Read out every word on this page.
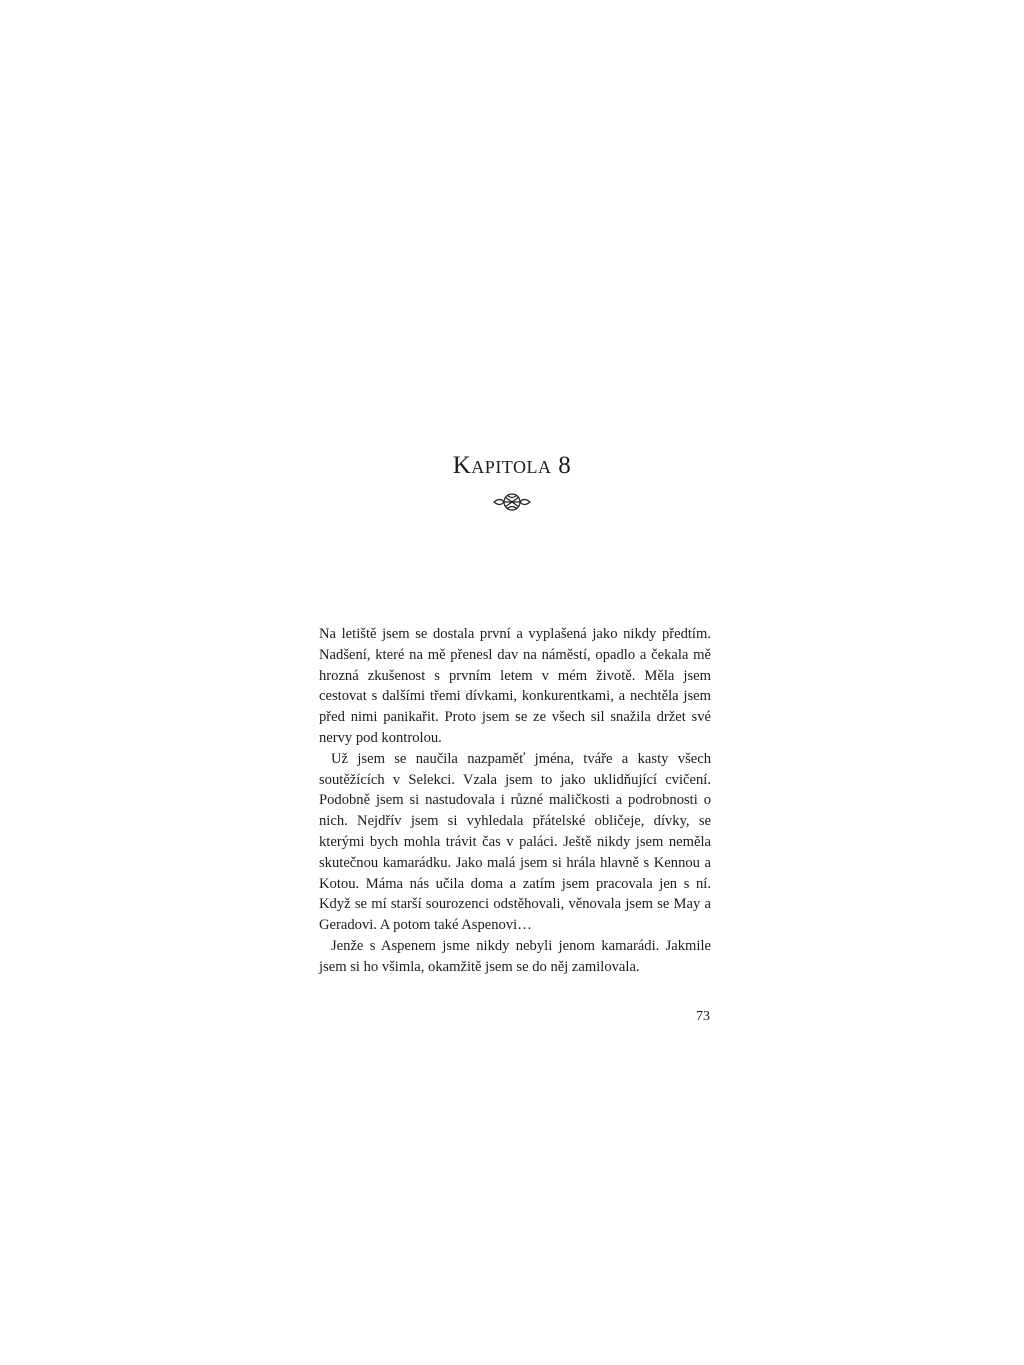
Kapitola 8

Na letiště jsem se dostala první a vyplašená jako nikdy předtím. Nadšení, které na mě přenesl dav na náměstí, opadlo a čekala mě hrozná zkušenost s prvním letem v mém životě. Měla jsem cestovat s dalšími třemi dívkami, konkurentkami, a nechtěla jsem před nimi panikařit. Proto jsem se ze všech sil snažila držet své nervy pod kontrolou.

Už jsem se naučila nazpaměť jména, tváře a kasty všech soutěžících v Selekci. Vzala jsem to jako uklidňující cvičení. Podobně jsem si nastudovala i různé maličkosti a podrobnosti o nich. Nejdřív jsem si vyhledala přátelské obličeje, dívky, se kterými bych mohla trávit čas v paláci. Ještě nikdy jsem neměla skutečnou kamarádku. Jako malá jsem si hrála hlavně s Kennou a Kotou. Máma nás učila doma a zatím jsem pracovala jen s ní. Když se mí starší sourozenci odstěhovali, věnovala jsem se May a Geradovi. A potom také Aspenovi…

Jenže s Aspenem jsme nikdy nebyli jenom kamarádi. Jakmile jsem si ho všimla, okamžitě jsem se do něj zamilovala.

73
